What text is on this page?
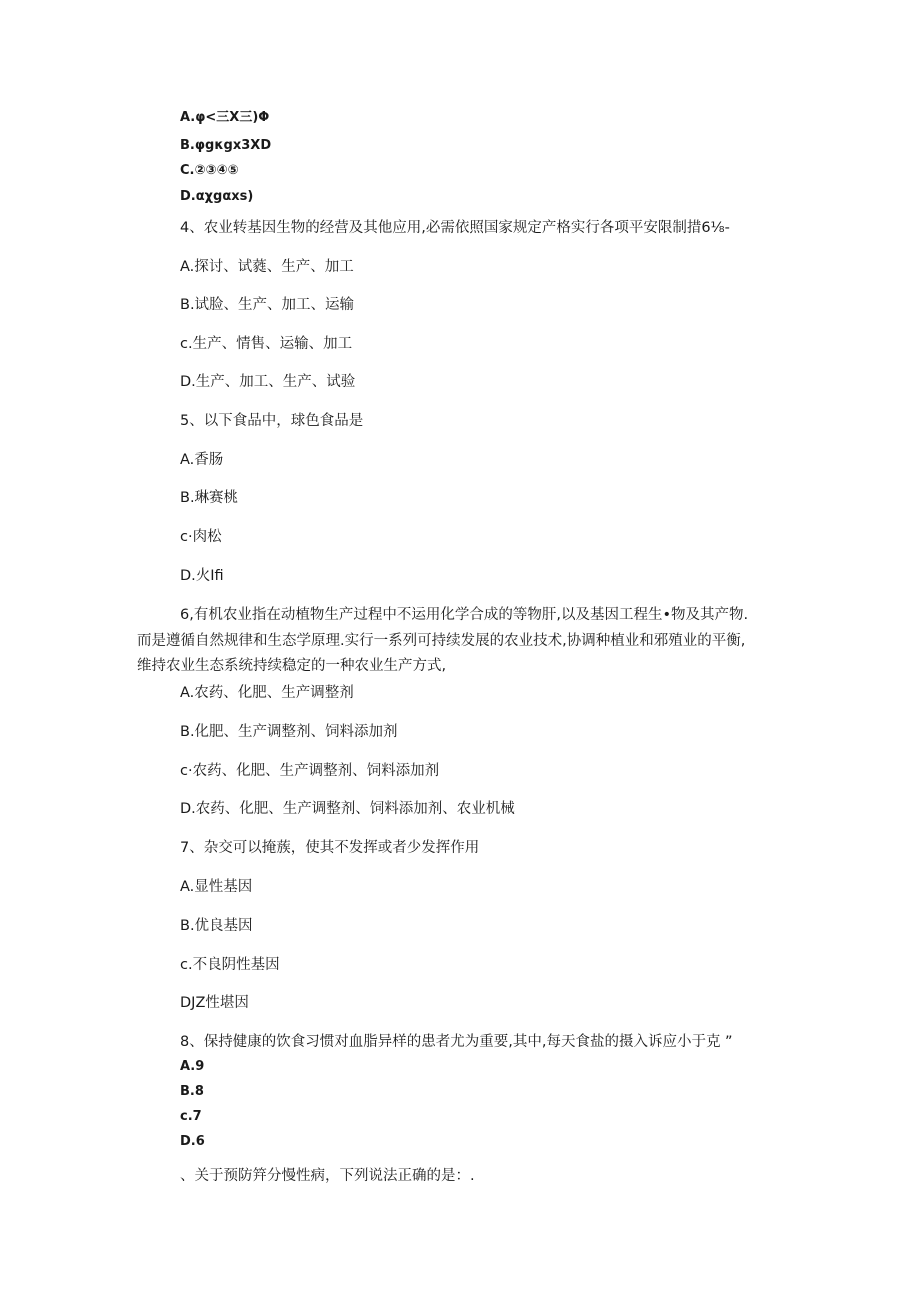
A.φ<三X三)Φ
B.φgκgx3XD
C.②③④⑤
D.αχgαxs)
4、农业转基因生物的经营及其他应用,必需依照国家规定产格实行各项平安限制措6⅛-
A.探讨、试蕤、生产、加工
B.试脸、生产、加工、运输
c.生产、情售、运输、加工
D.生产、加工、生产、试验
5、以下食品中，球色食品是
A.香肠
B.琳赛桃
c·肉松
D.火Ifi
6,有机农业指在动植物生产过程中不运用化学合成的等物肝,以及基因工程生•物及其产物.
而是遵循自然规律和生态学原理.实行一系列可持续发展的农业技术,协调种植业和邪殖业的平衡,
维持农业生态系统持续稳定的一种农业生产方式,
A.农药、化肥、生产调整剂
B.化肥、生产调整剂、饲料添加剂
c·农药、化肥、生产调整剂、饲料添加剂
D.农药、化肥、生产调整剂、饲料添加剂、农业机械
7、杂交可以掩蔟，使其不发挥或者少发挥作用
A.显性基因
B.优良基因
c.不良阴性基因
DJZ性堪因
8、保持健康的饮食习惯对血脂异样的患者尤为重要,其中,每天食盐的摄入诉应小于克 ”
A.9
B.8
c.7
D.6
、关于预防筓分慢性病，下列说法正确的是：.
